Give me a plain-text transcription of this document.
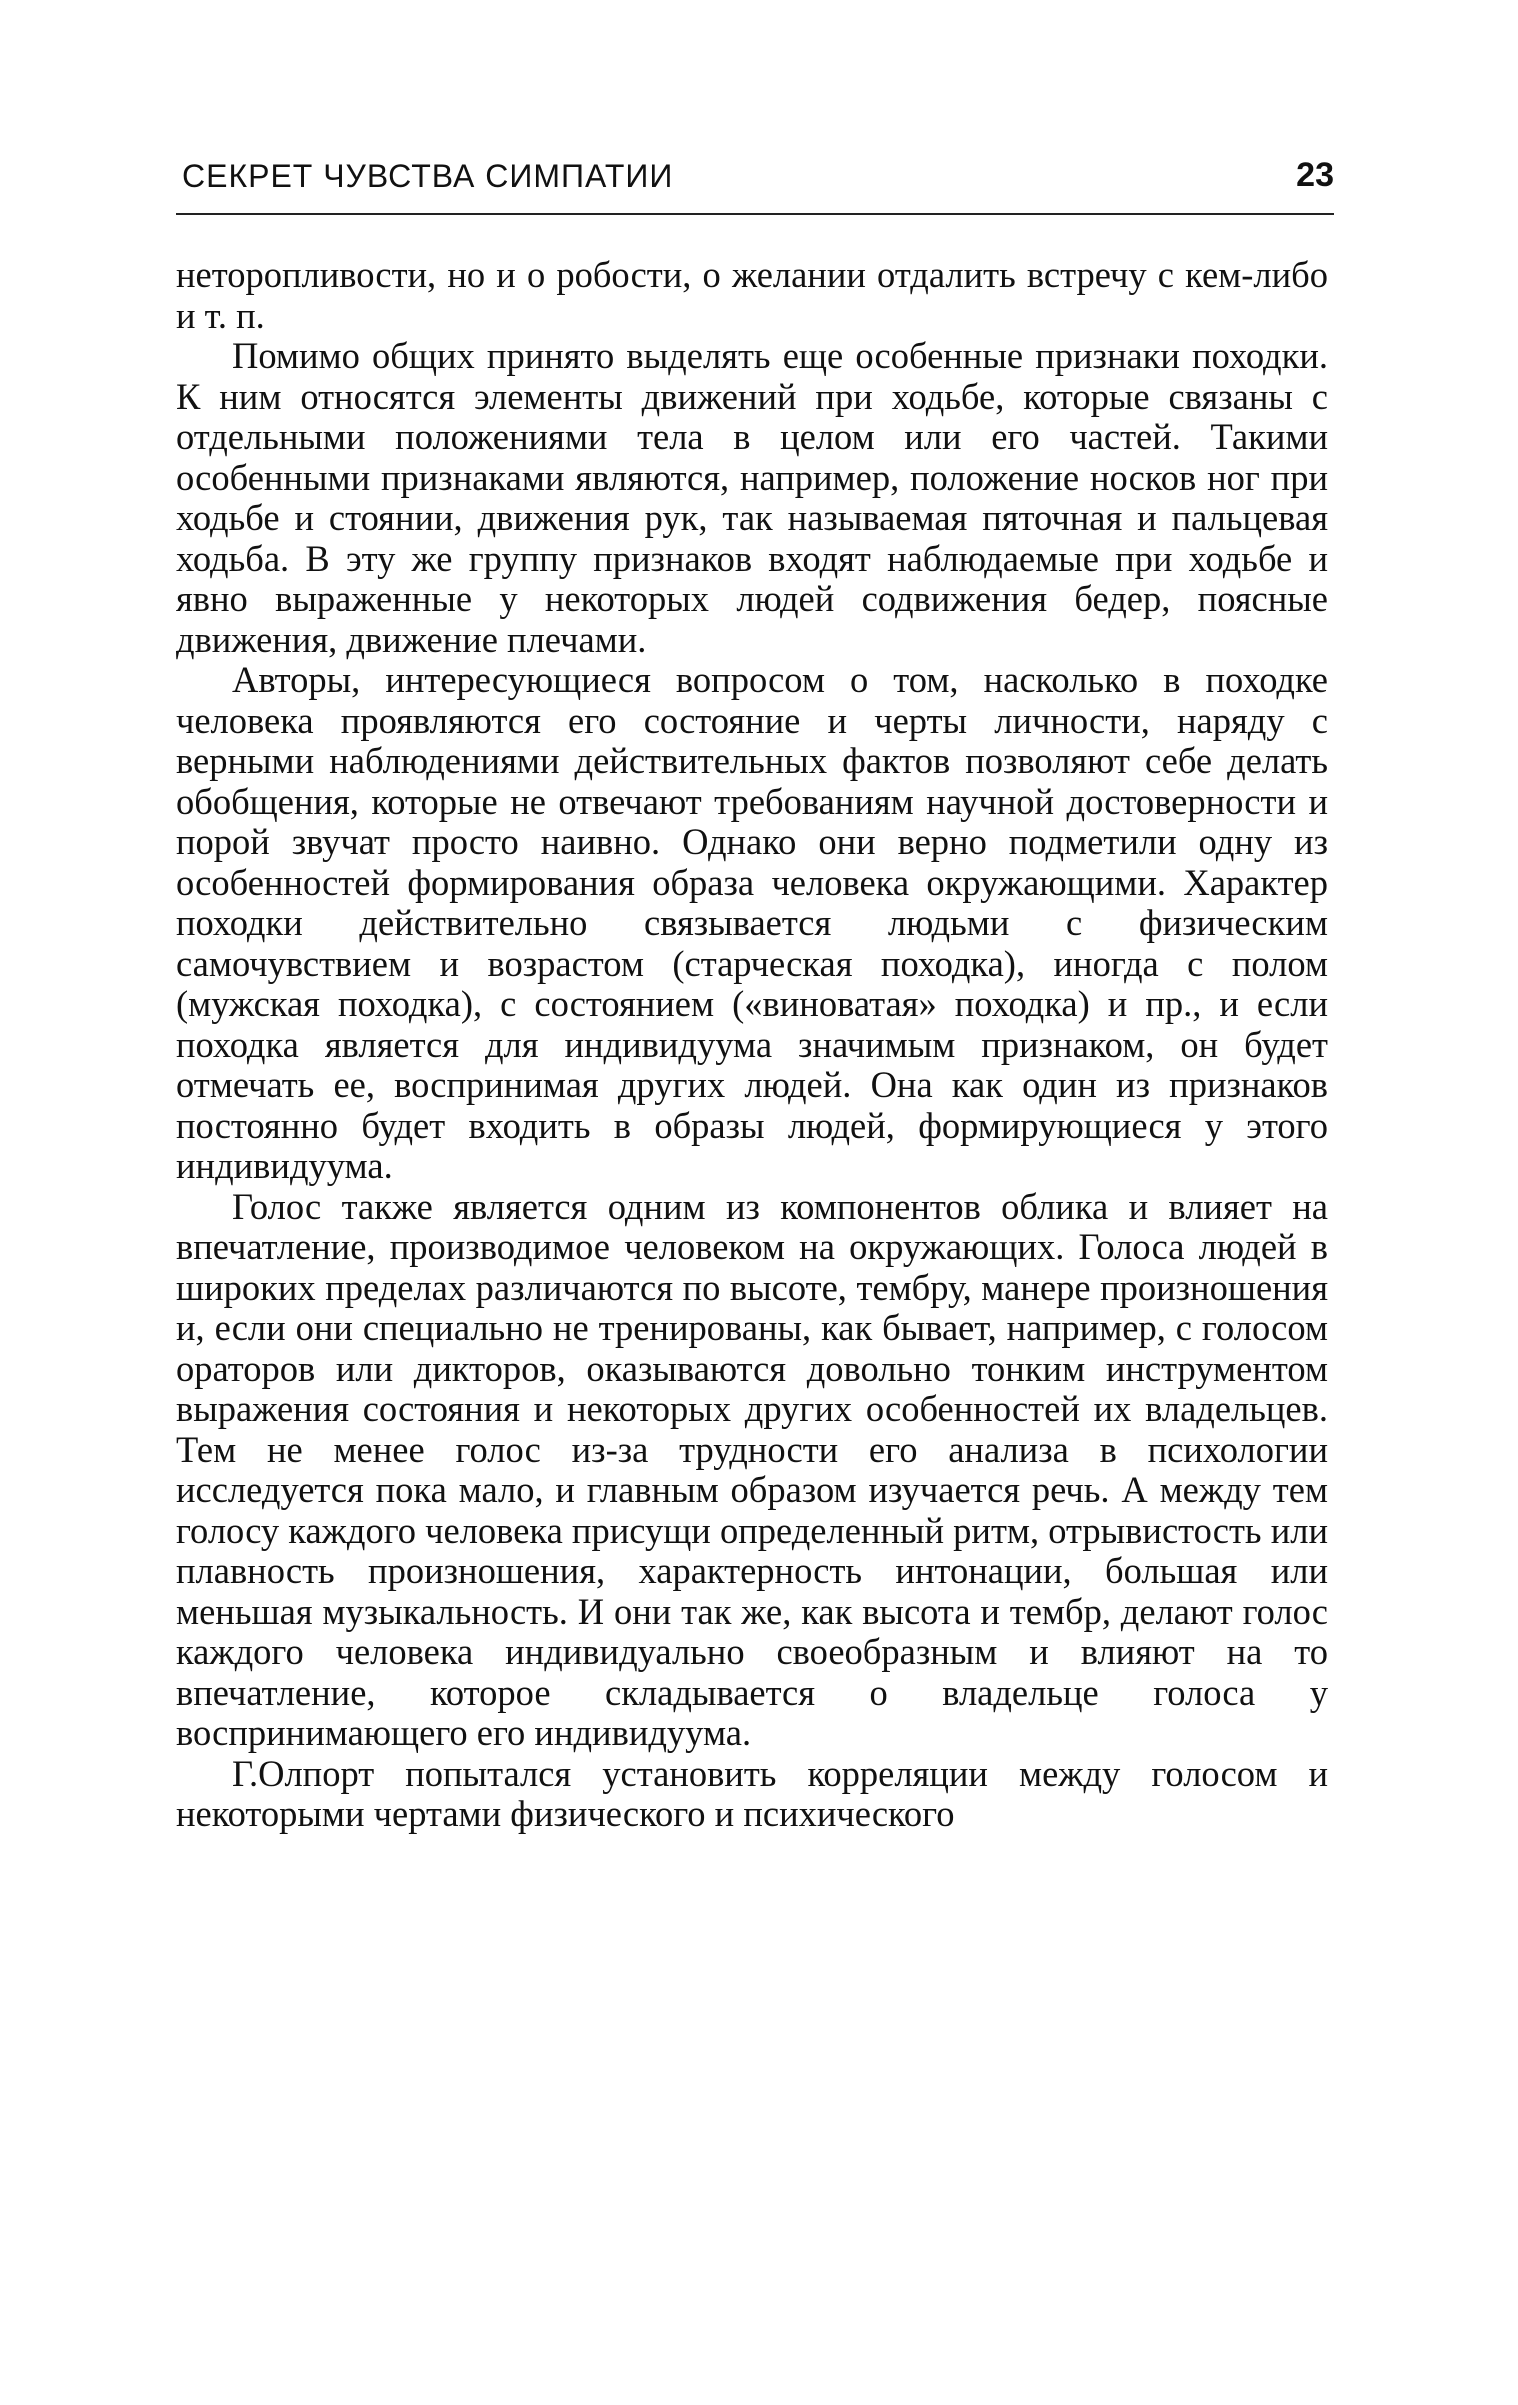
СЕКРЕТ ЧУВСТВА СИМПАТИИ	23

неторопливости, но и о робости, о желании отдалить встречу с кем-либо и т. п.

Помимо общих принято выделять еще особенные признаки походки. К ним относятся элементы движений при ходьбе, которые связаны с отдельными положениями тела в целом или его частей. Такими особенными признаками являются, например, положение носков ног при ходьбе и стоянии, движения рук, так называемая пяточная и пальцевая ходьба. В эту же группу признаков входят наблюдаемые при ходьбе и явно выраженные у некоторых людей содвижения бедер, поясные движения, движение плечами.

Авторы, интересующиеся вопросом о том, насколько в походке человека проявляются его состояние и черты личности, наряду с верными наблюдениями действительных фактов позволяют себе делать обобщения, которые не отвечают требованиям научной достоверности и порой звучат просто наивно. Однако они верно подметили одну из особенностей формирования образа человека окружающими. Характер походки действительно связывается людьми с физическим самочувствием и возрастом (старческая походка), иногда с полом (мужская походка), с состоянием («виноватая» походка) и пр., и если походка является для индивидуума значимым признаком, он будет отмечать ее, воспринимая других людей. Она как один из признаков постоянно будет входить в образы людей, формирующиеся у этого индивидуума.

Голос также является одним из компонентов облика и влияет на впечатление, производимое человеком на окружающих. Голоса людей в широких пределах различаются по высоте, тембру, манере произношения и, если они специально не тренированы, как бывает, например, с голосом ораторов или дикторов, оказываются довольно тонким инструментом выражения состояния и некоторых других особенностей их владельцев. Тем не менее голос из-за трудности его анализа в психологии исследуется пока мало, и главным образом изучается речь. А между тем голосу каждого человека присущи определенный ритм, отрывистость или плавность произношения, характерность интонации, большая или меньшая музыкальность. И они так же, как высота и тембр, делают голос каждого человека индивидуально своеобразным и влияют на то впечатление, которое складывается о владельце голоса у воспринимающего его индивидуума.

Г.Олпорт попытался установить корреляции между голосом и некоторыми чертами физического и психического
